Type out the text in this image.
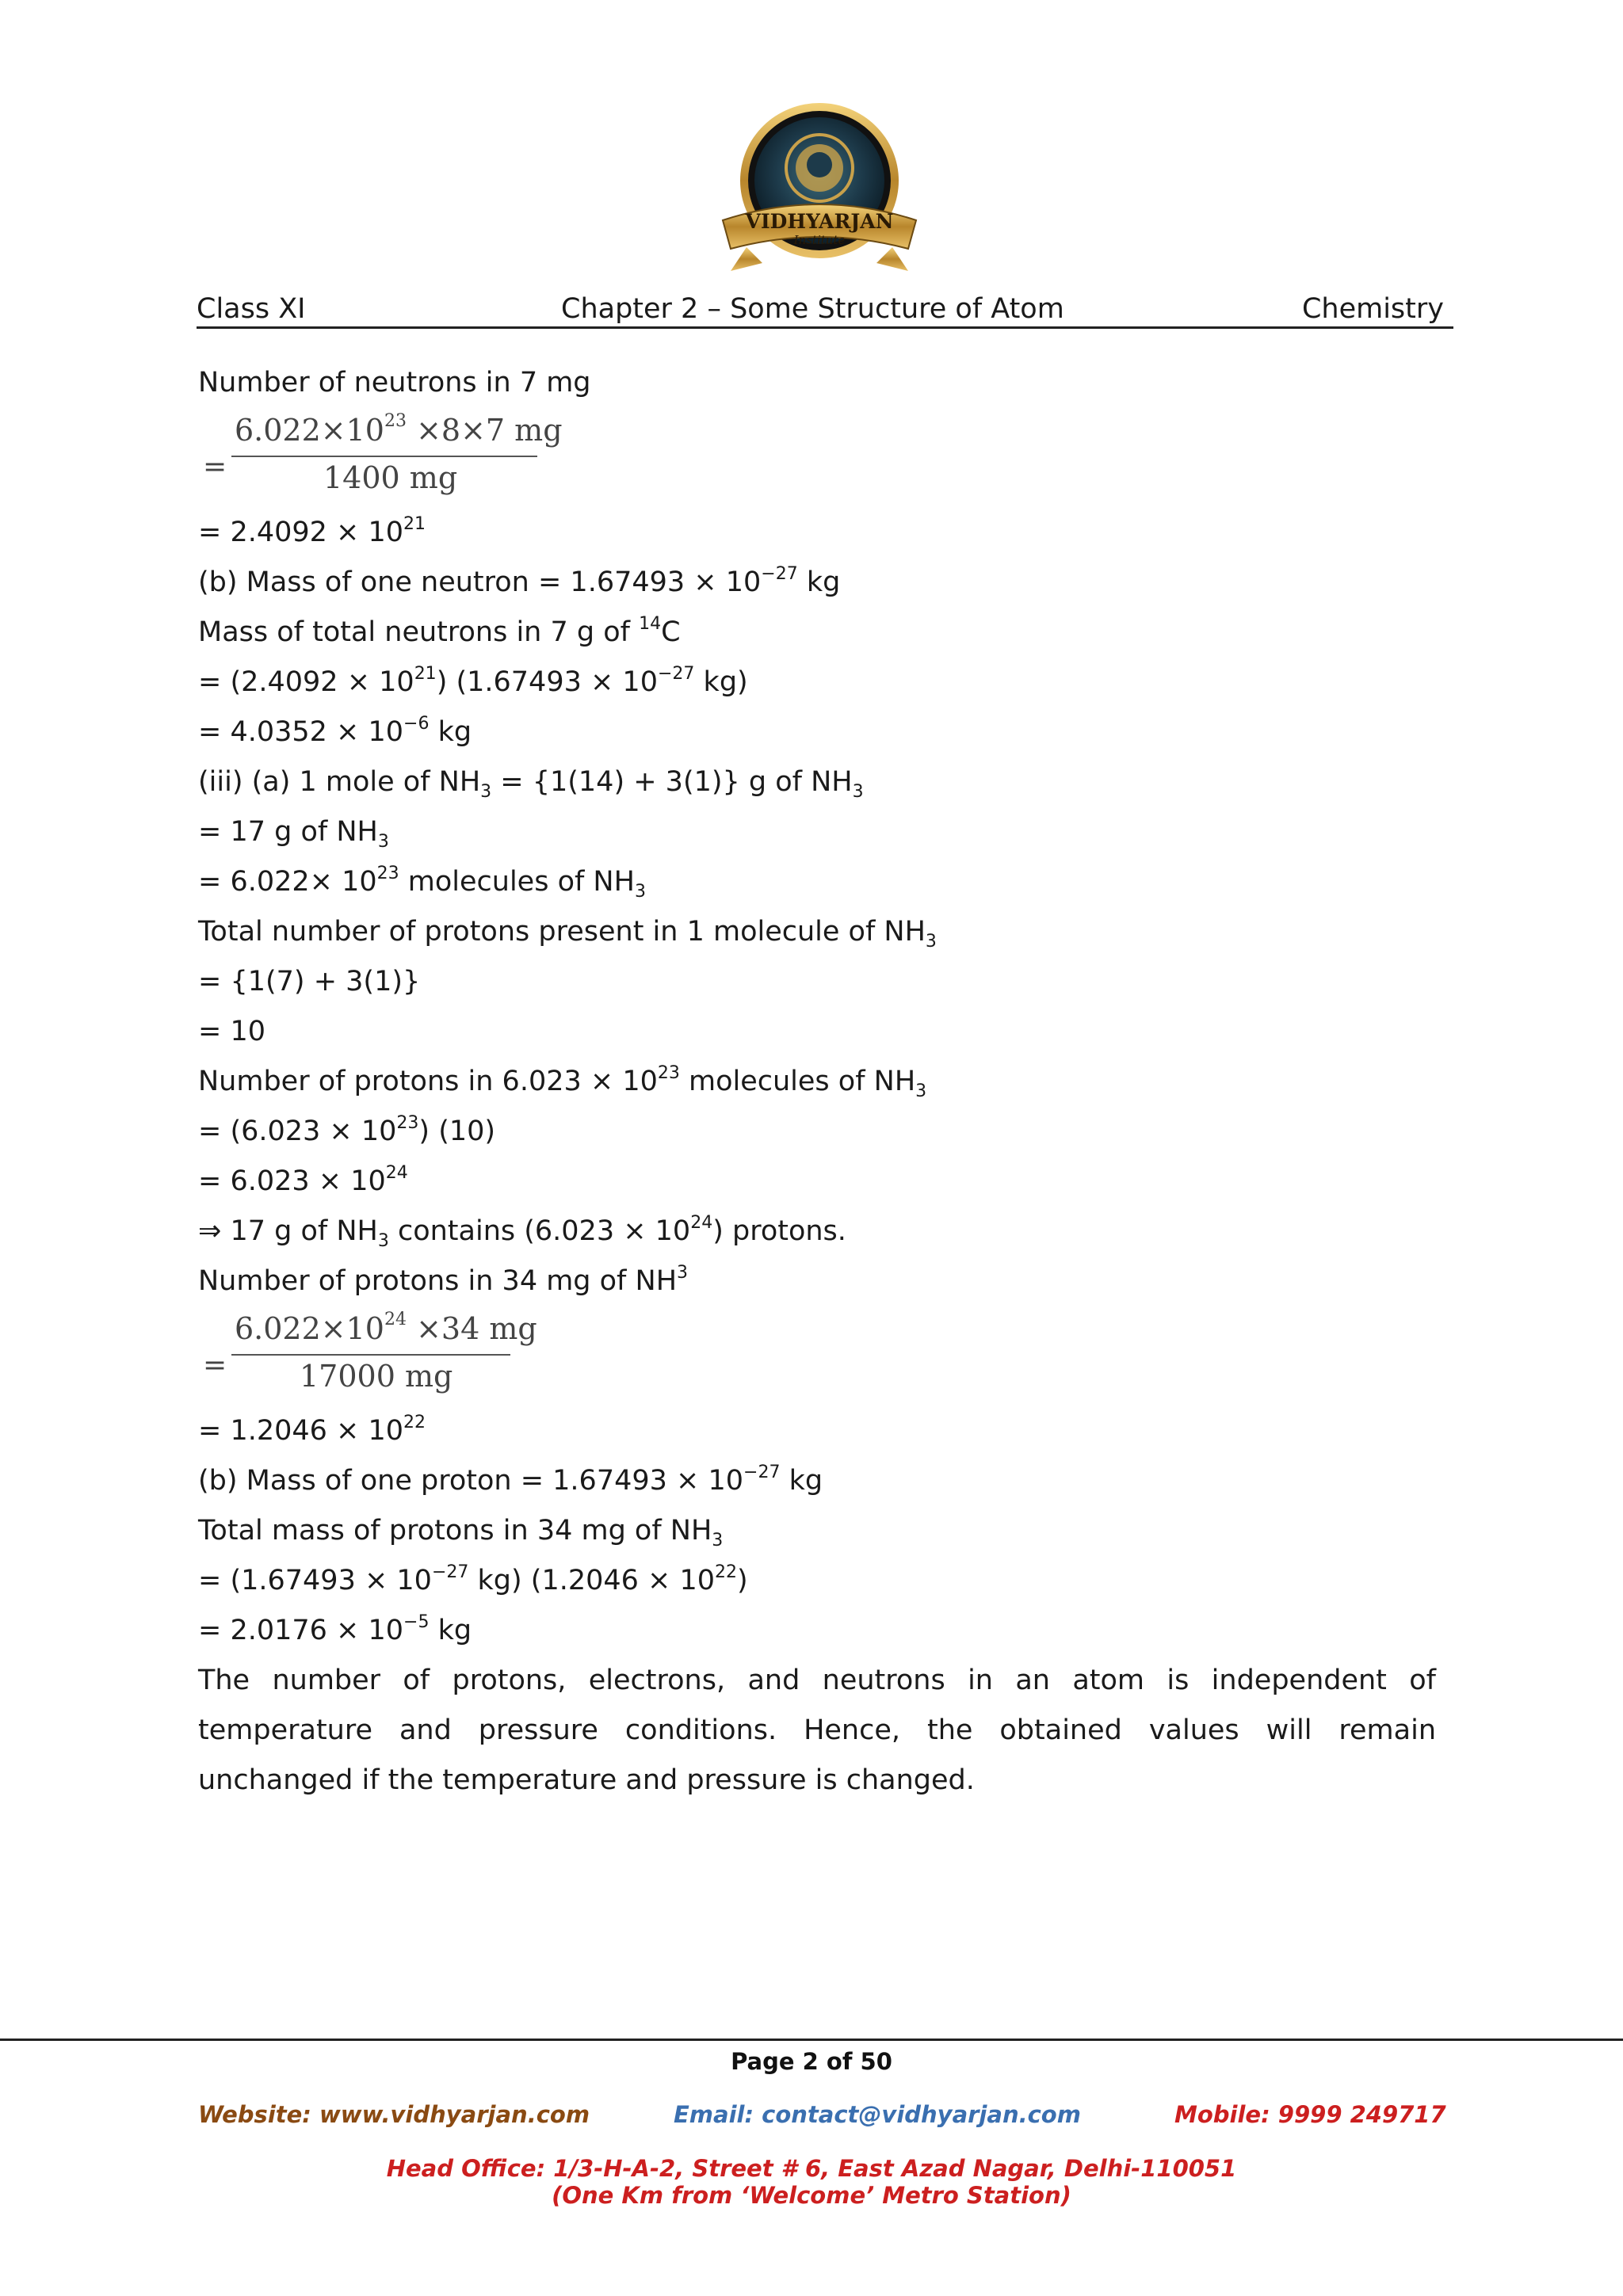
VIDHYARJAN
Institute
Class XI	Chapter 2 – Some Structure of Atom	Chemistry
Number of neutrons in 7 mg
=
$6.022\times 10^{23} \times 8\times 7$ mg
1400 mg
= $2.4092 \times 10^{21}$
(b) Mass of one neutron = $1.67493 \times 10^{-27}$ kg
Mass of total neutrons in 7 g of $^{14}$C
= $(2.4092 \times 10^{21})$ ($1.67493 \times 10^{-27}$ kg)
= $4.0352 \times 10^{-6}$ kg
(iii) (a) 1 mole of $NH_3 = \{1(14) + 3(1)\}$ g of $NH_3$
= 17 g of $NH_3$
= $6.022\times 10^{23}$ molecules of $NH_3$
Total number of protons present in 1 molecule of $NH_3$
= {1(7) + 3(1)}
= 10
Number of protons in $6.023 \times 10^{23}$ molecules of $NH_3$
= $(6.023 \times 10^{23})$ (10)
= $6.023 \times 10^{24}$
⇒ 17 g of $NH_3$ contains $(6.023 \times 10^{24})$ protons.
Number of protons in 34 mg of $NH^3$
=
$6.022\times 10^{24} \times 34$ mg
17000 mg
= $1.2046 \times 10^{22}$
(b) Mass of one proton = $1.67493 \times 10^{-27}$ kg
Total mass of protons in 34 mg of $NH_3$
= ($1.67493 \times 10^{-27}$ kg) $(1.2046 \times 10^{22})$
= $2.0176 \times 10^{-5}$ kg
The number of protons, electrons, and neutrons in an atom is independent of temperature and pressure conditions. Hence, the obtained values will remain unchanged if the temperature and pressure is changed.
Page 2 of 50
Website: www.vidhyarjan.com	Email: contact@vidhyarjan.com	Mobile: 9999 249717
Head Office: 1/3-H-A-2, Street # 6, East Azad Nagar, Delhi-110051
(One Km from ‘Welcome’ Metro Station)
